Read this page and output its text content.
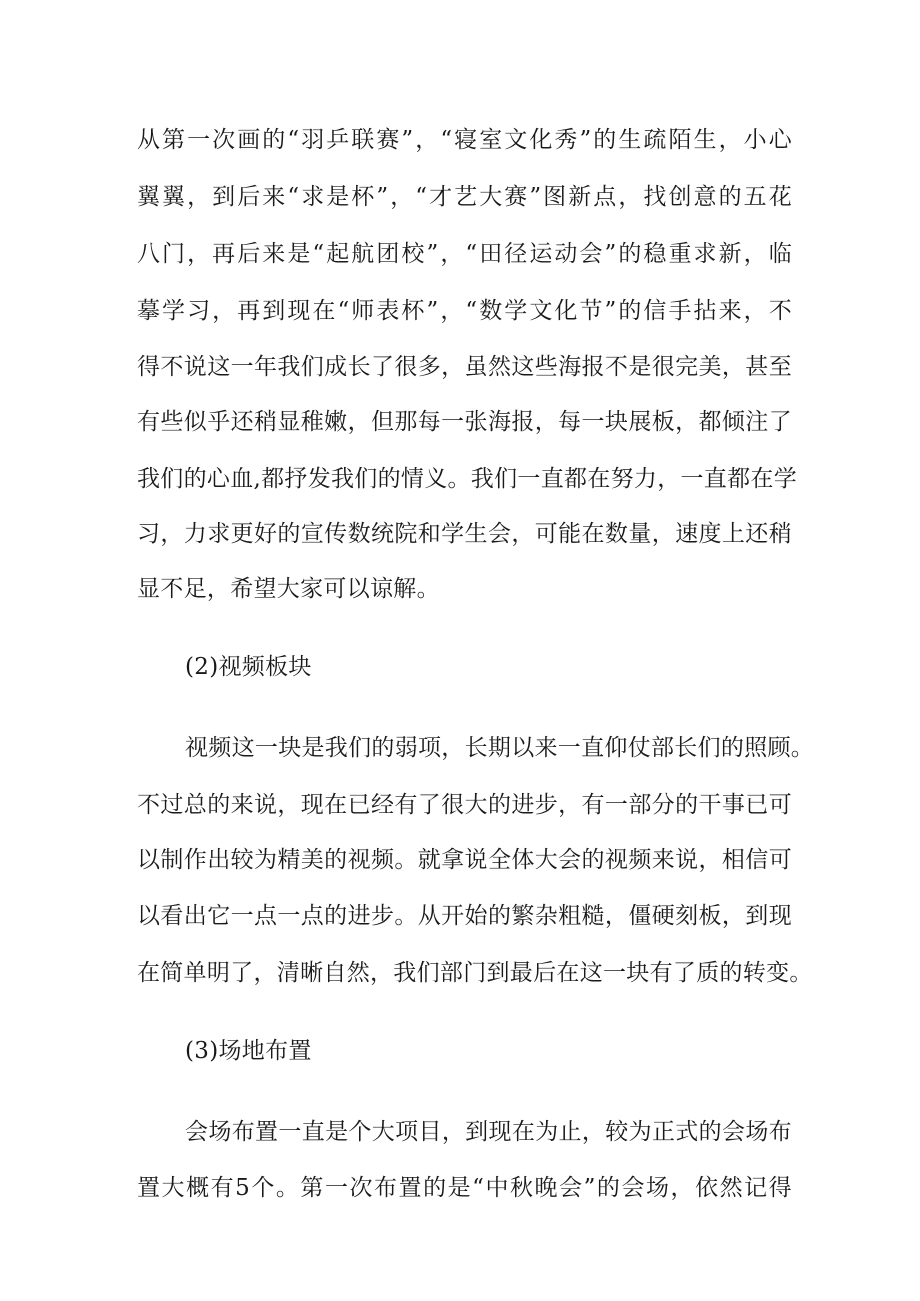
从第一次画的“羽乒联赛”，“寝室文化秀”的生疏陌生，小心
翼翼，到后来“求是杯”，“才艺大赛”图新点，找创意的五花
八门，再后来是“起航团校”，“田径运动会”的稳重求新，临
摹学习，再到现在“师表杯”，“数学文化节”的信手拈来，不
得不说这一年我们成长了很多，虽然这些海报不是很完美，甚至
有些似乎还稍显稚嫩，但那每一张海报，每一块展板，都倾注了
我们的心血,都抒发我们的情义。我们一直都在努力，一直都在学
习，力求更好的宣传数统院和学生会，可能在数量，速度上还稍
显不足，希望大家可以谅解。
(2)视频板块
视频这一块是我们的弱项，长期以来一直仰仗部长们的照顾。
不过总的来说，现在已经有了很大的进步，有一部分的干事已可
以制作出较为精美的视频。就拿说全体大会的视频来说，相信可
以看出它一点一点的进步。从开始的繁杂粗糙，僵硬刻板，到现
在简单明了，清晰自然，我们部门到最后在这一块有了质的转变。
(3)场地布置
会场布置一直是个大项目，到现在为止，较为正式的会场布
置大概有5个。第一次布置的是“中秋晚会”的会场，依然记得
